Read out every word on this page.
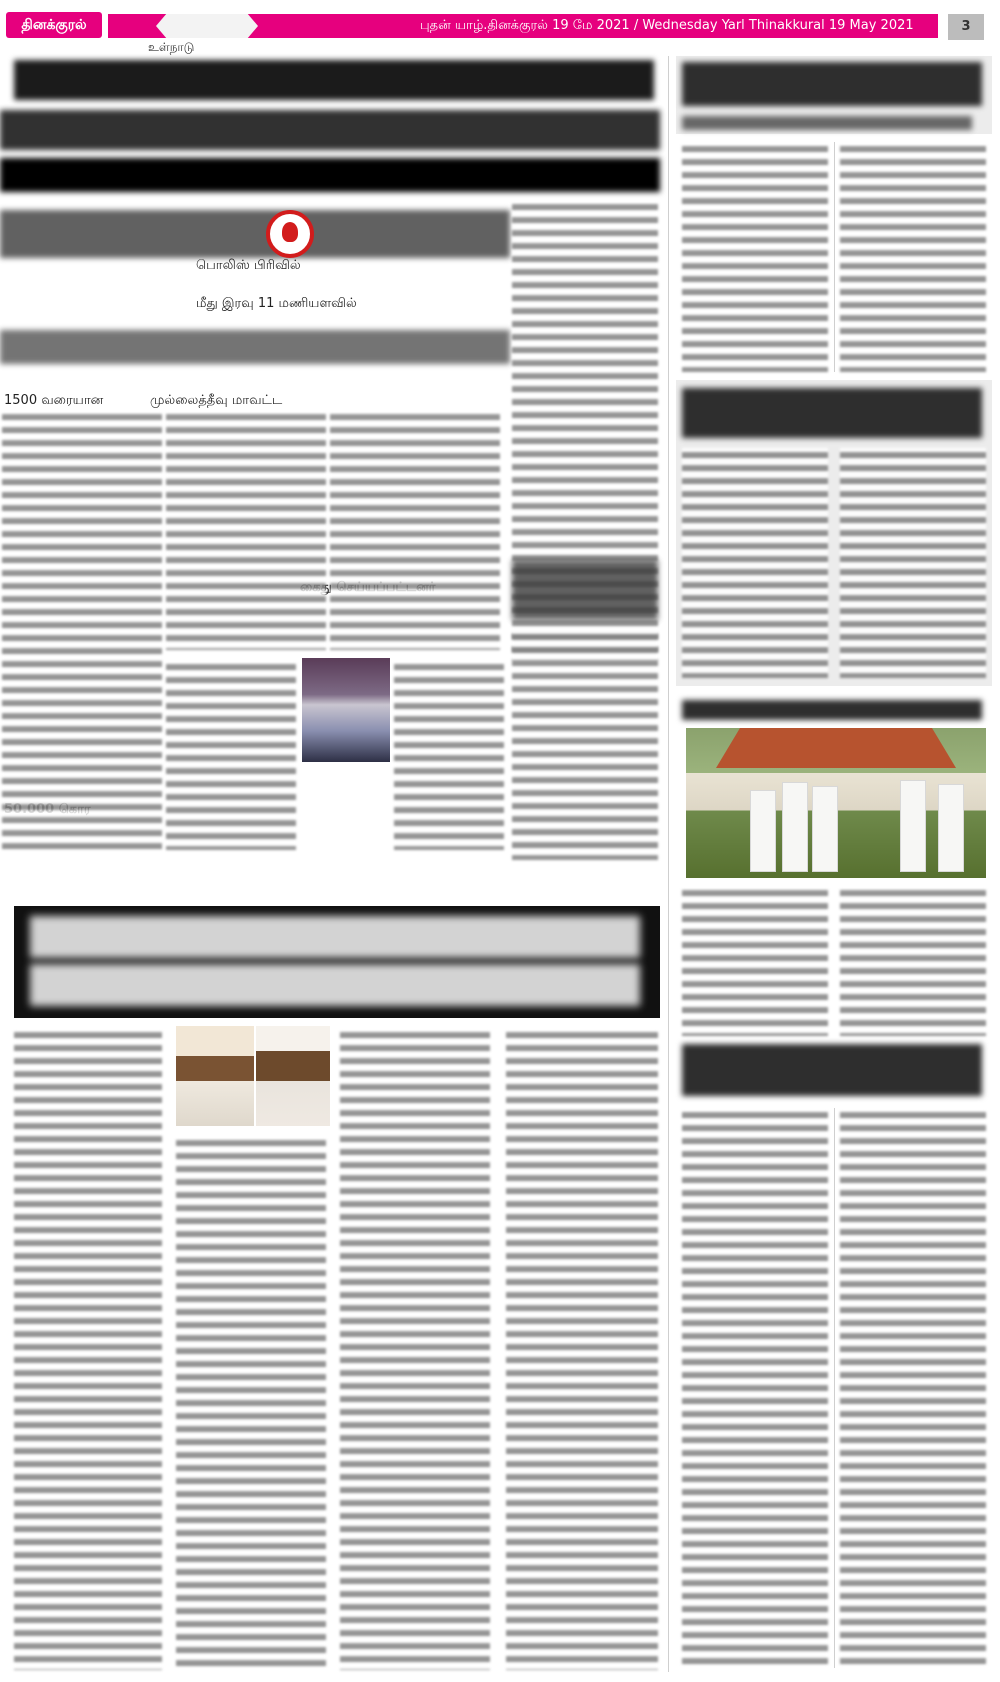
தினக்குரல்	புதன் யாழ்.தினக்குரல் 19 மே 2021 / Wednesday Yarl Thinakkural 19 May 2021	3
உள்நாடு
முல்லைத்தீவு மாவட்ட
மீது இரவு 11 மணியளவில்
1500 வரையான
பொலிஸ் பிரிவில்
